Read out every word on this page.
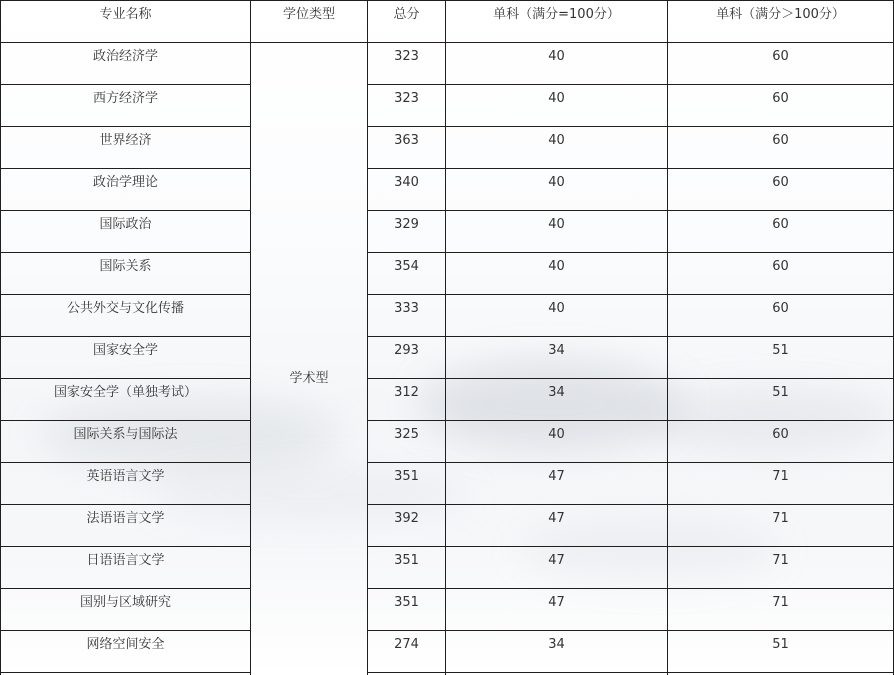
专业名称	学位类型	总分	单科（满分=100分）	单科（满分＞100分）

政治经济学	学术型	323	40	60

西方经济学		323	40	60

世界经济		363	40	60

政治学理论		340	40	60

国际政治		329	40	60

国际关系		354	40	60

公共外交与文化传播		333	40	60

国家安全学		293	34	51

国家安全学（单独考试）		312	34	51

国际关系与国际法		325	40	60

英语语言文学		351	47	71

法语语言文学		392	47	71

日语语言文学		351	47	71

国别与区域研究		351	47	71

网络空间安全		274	34	51
